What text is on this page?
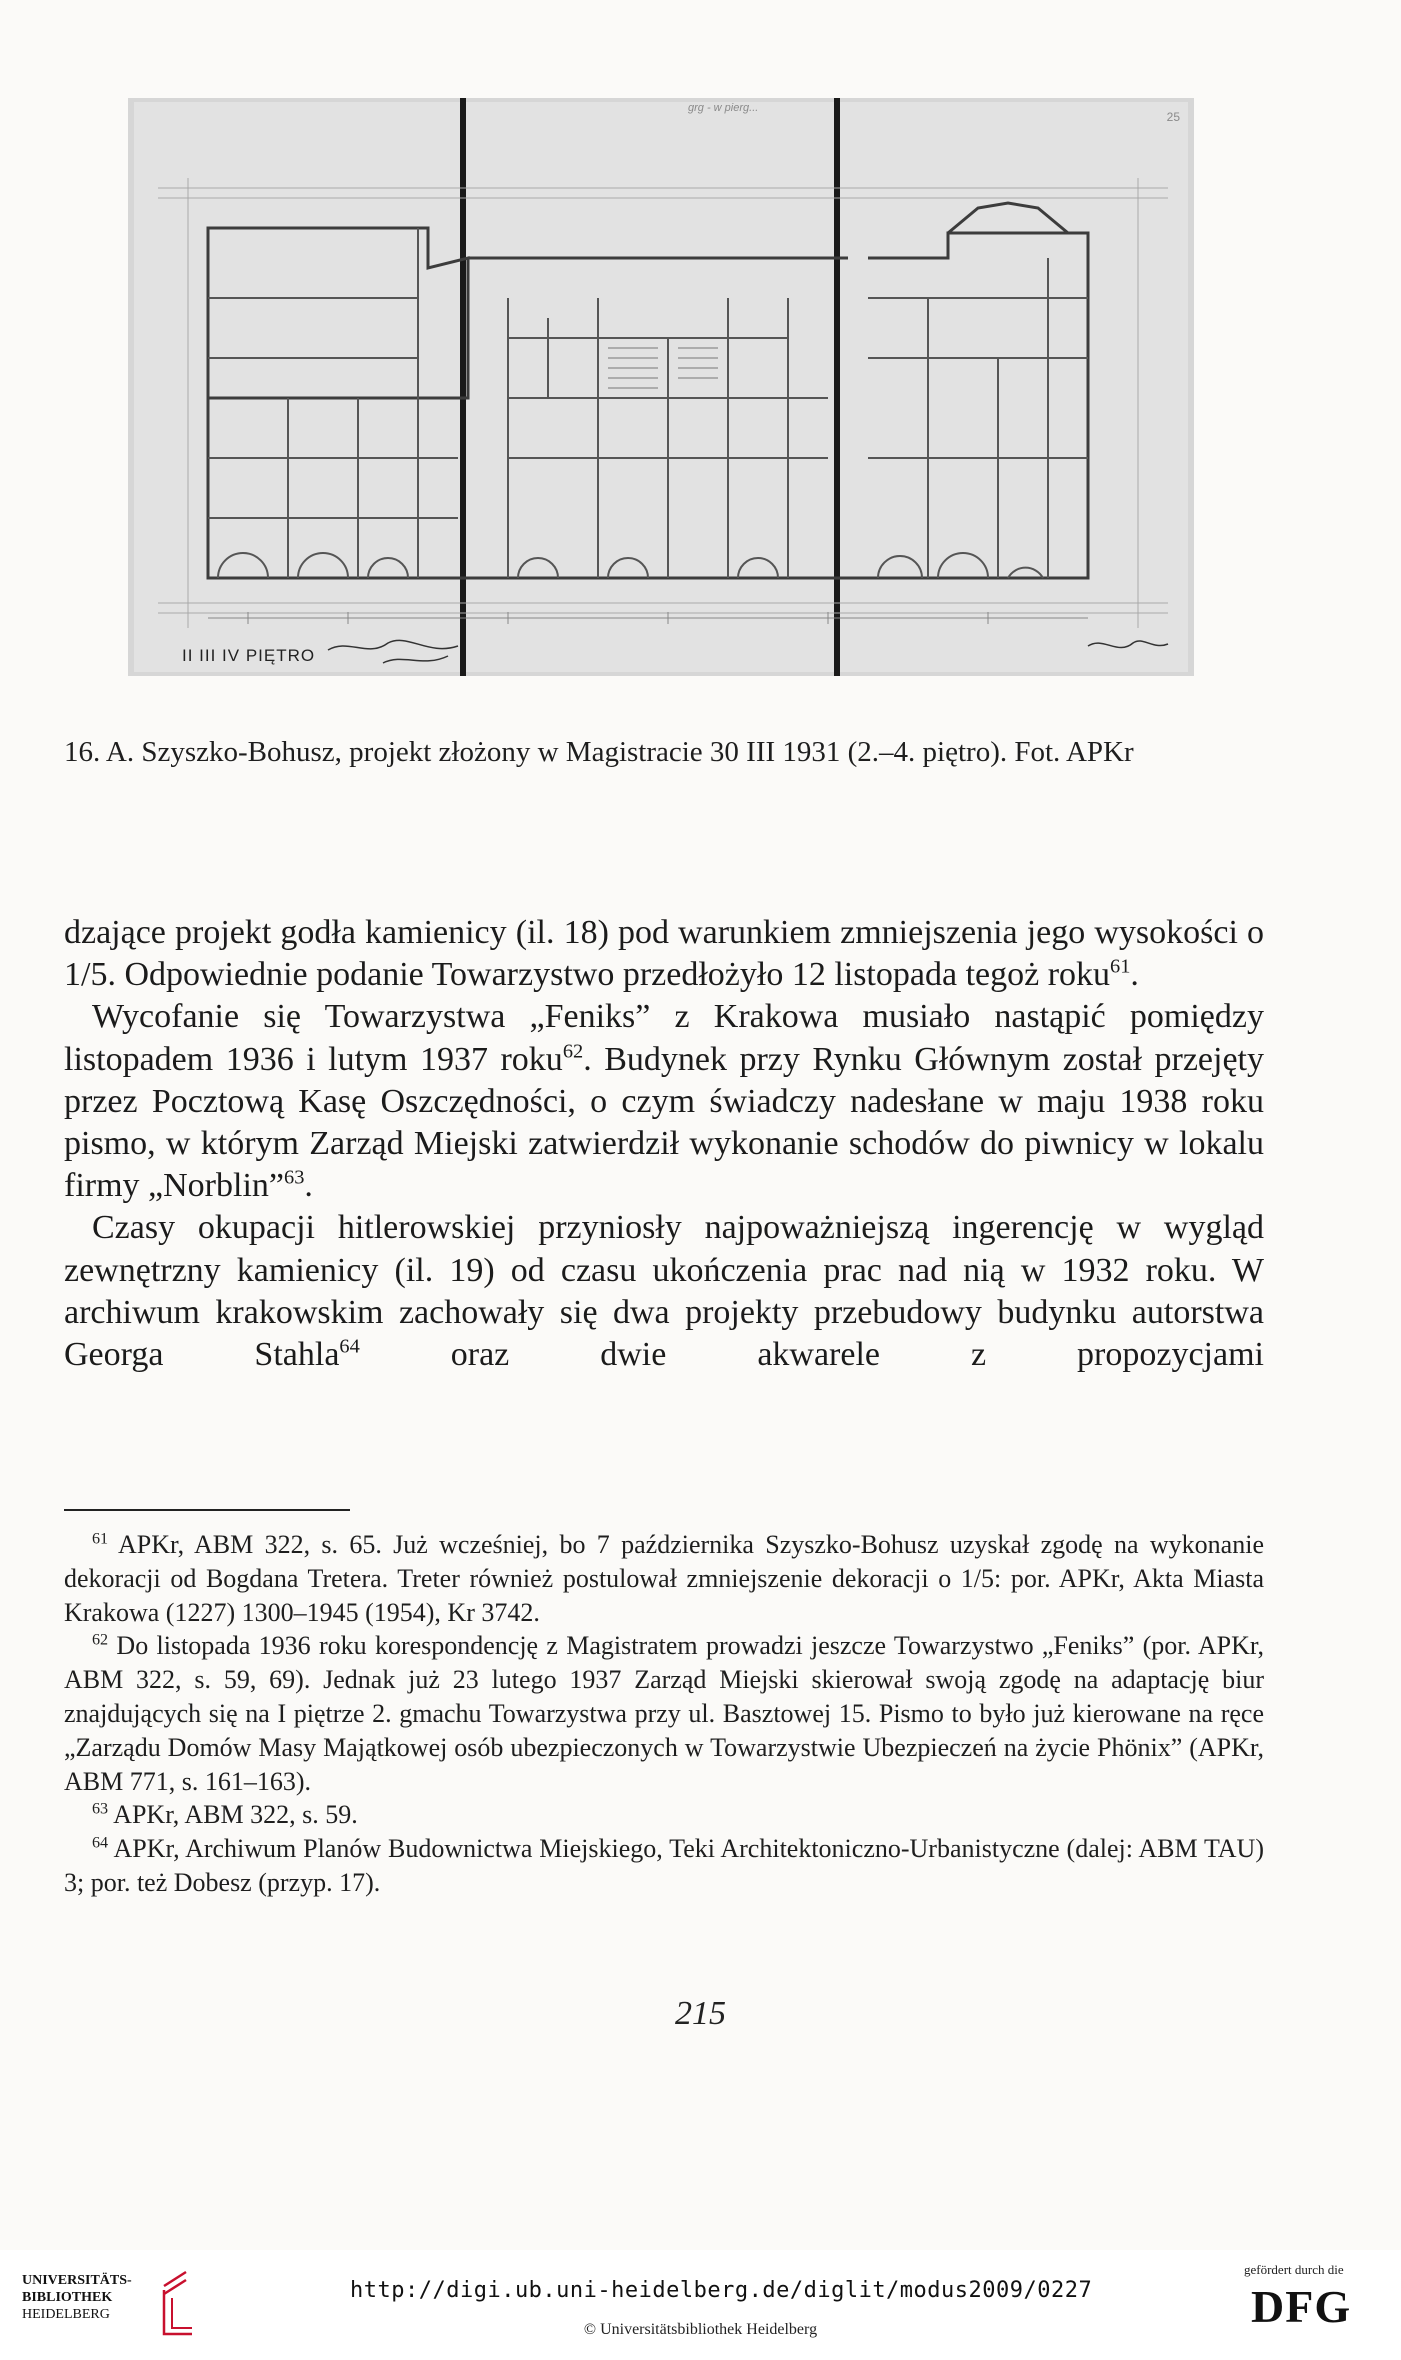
grg - w pierg...
25
II III IV PIĘTRO
16. A. Szyszko-Bohusz, projekt złożony w Magistracie 30 III 1931 (2.–4. piętro). Fot. APKr

dzające projekt godła kamienicy (il. 18) pod warunkiem zmniejszenia jego wysokości o 1/5. Odpowiednie podanie Towarzystwo przedłożyło 12 listopada tegoż roku$^{61}$.

Wycofanie się Towarzystwa „Feniks” z Krakowa musiało nastąpić pomiędzy listopadem 1936 i lutym 1937 roku$^{62}$. Budynek przy Rynku Głównym został przejęty przez Pocztową Kasę Oszczędności, o czym świadczy nadesłane w maju 1938 roku pismo, w którym Zarząd Miejski zatwierdził wykonanie schodów do piwnicy w lokalu firmy „Norblin”$^{63}$.

Czasy okupacji hitlerowskiej przyniosły najpoważniejszą ingerencję w wygląd zewnętrzny kamienicy (il. 19) od czasu ukończenia prac nad nią w 1932 roku. W archiwum krakowskim zachowały się dwa projekty przebudowy budynku autorstwa Georga Stahla$^{64}$ oraz dwie akwarele z propozycjami

$^{61}$ APKr, ABM 322, s. 65. Już wcześniej, bo 7 października Szyszko-Bohusz uzyskał zgodę na wykonanie dekoracji od Bogdana Tretera. Treter również postulował zmniejszenie dekoracji o 1/5: por. APKr, Akta Miasta Krakowa (1227) 1300–1945 (1954), Kr 3742.

$^{62}$ Do listopada 1936 roku korespondencję z Magistratem prowadzi jeszcze Towarzystwo „Feniks” (por. APKr, ABM 322, s. 59, 69). Jednak już 23 lutego 1937 Zarząd Miejski skierował swoją zgodę na adaptację biur znajdujących się na I piętrze 2. gmachu Towarzystwa przy ul. Basztowej 15. Pismo to było już kierowane na ręce „Zarządu Domów Masy Majątkowej osób ubezpieczonych w Towarzystwie Ubezpieczeń na życie Phönix” (APKr, ABM 771, s. 161–163).

$^{63}$ APKr, ABM 322, s. 59.

$^{64}$ APKr, Archiwum Planów Budownictwa Miejskiego, Teki Architektoniczno-Urbanistyczne (dalej: ABM TAU) 3; por. też Dobesz (przyp. 17).

215
UNIVERSITÄTS-
BIBLIOTHEK
HEIDELBERG
http://digi.ub.uni-heidelberg.de/diglit/modus2009/0227
© Universitätsbibliothek Heidelberg
gefördert durch die
DFG
